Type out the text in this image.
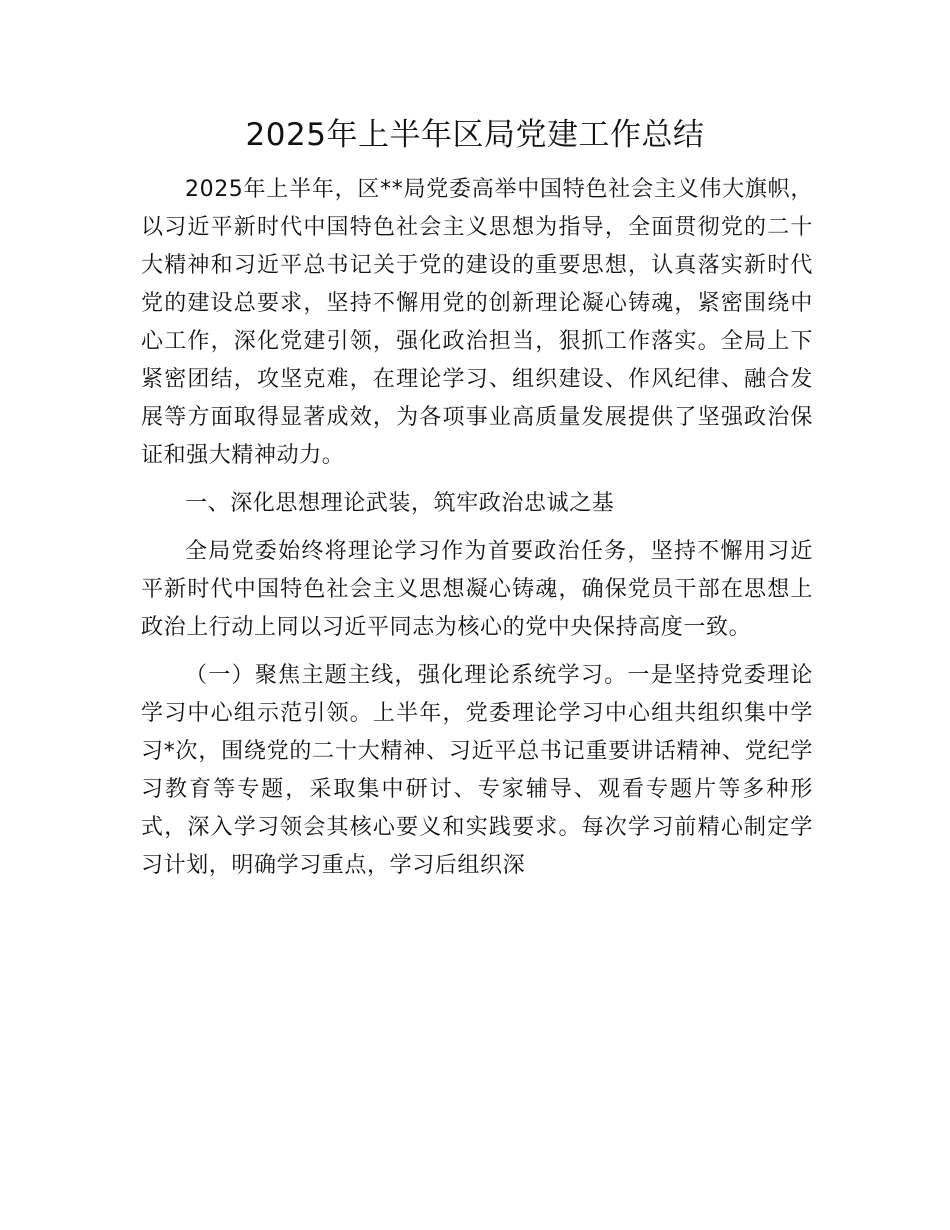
2025年上半年区局党建工作总结

2025年上半年，区**局党委高举中国特色社会主义伟大旗帜，以习近平新时代中国特色社会主义思想为指导，全面贯彻党的二十大精神和习近平总书记关于党的建设的重要思想，认真落实新时代党的建设总要求，坚持不懈用党的创新理论凝心铸魂，紧密围绕中心工作，深化党建引领，强化政治担当，狠抓工作落实。全局上下紧密团结，攻坚克难，在理论学习、组织建设、作风纪律、融合发展等方面取得显著成效，为各项事业高质量发展提供了坚强政治保证和强大精神动力。

一、深化思想理论武装，筑牢政治忠诚之基

全局党委始终将理论学习作为首要政治任务，坚持不懈用习近平新时代中国特色社会主义思想凝心铸魂，确保党员干部在思想上政治上行动上同以习近平同志为核心的党中央保持高度一致。

（一）聚焦主题主线，强化理论系统学习。一是坚持党委理论学习中心组示范引领。上半年，党委理论学习中心组共组织集中学习*次，围绕党的二十大精神、习近平总书记重要讲话精神、党纪学习教育等专题，采取集中研讨、专家辅导、观看专题片等多种形式，深入学习领会其核心要义和实践要求。每次学习前精心制定学习计划，明确学习重点，学习后组织深
